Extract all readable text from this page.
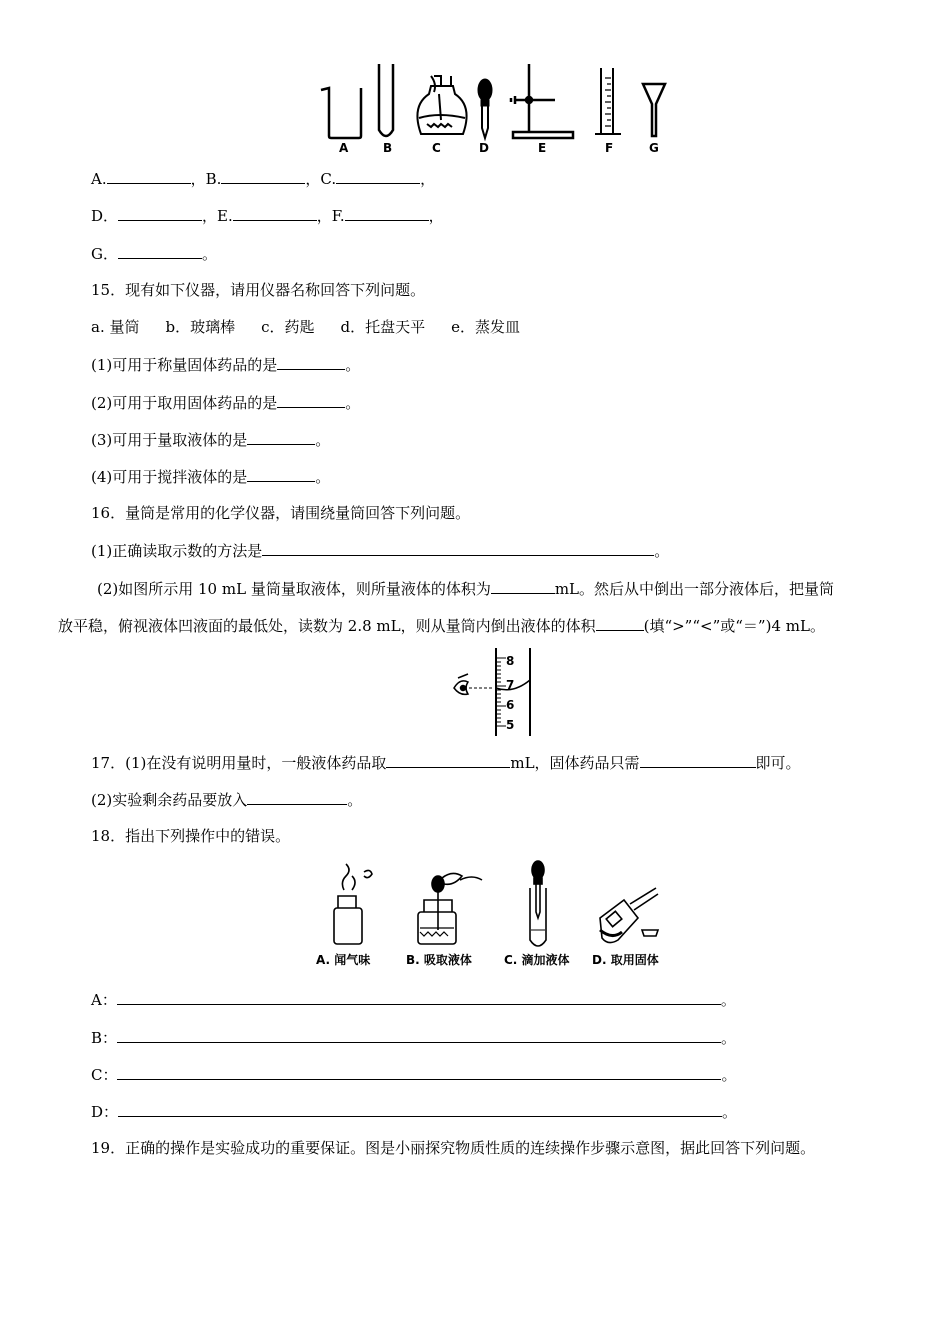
A	B	C	D	E	F	G
A.	，B.	，C.	，
D．	，E.	，F.	，
G．	。
15．现有如下仪器，请用仪器名称回答下列问题。
a. 量筒 b．玻璃棒 c．药匙 d．托盘天平 e．蒸发皿
(1)可用于称量固体药品的是	。
(2)可用于取用固体药品的是	。
(3)可用于量取液体的是	。
(4)可用于搅拌液体的是	。
16．量筒是常用的化学仪器，请围绕量筒回答下列问题。
(1)正确读取示数的方法是	。
(2)如图所示用 10 mL 量筒量取液体，则所量液体的体积为	mL。然后从中倒出一部分液体后，把量筒
放平稳，俯视液体凹液面的最低处，读数为 2.8 mL，则从量筒内倒出液体的体积	(填“>”“<”或“＝”)4 mL。
8
7
6
5
17．(1)在没有说明用量时，一般液体药品取	mL，固体药品只需	即可。
(2)实验剩余药品要放入	。
18．指出下列操作中的错误。
A. 闻气味	B. 吸取液体	C. 滴加液体 D. 取用固体
A：	。
B：	。
C：	。
D：	。
19．正确的操作是实验成功的重要保证。图是小丽探究物质性质的连续操作步骤示意图，据此回答下列问题。
